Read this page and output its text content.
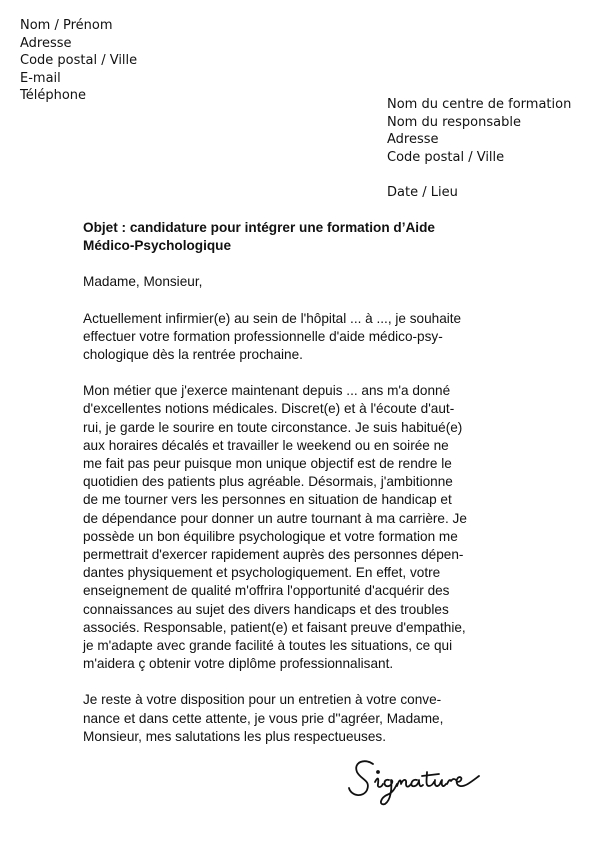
Nom / Prénom
Adresse
Code postal / Ville
E-mail
Téléphone
Nom du centre de formation
Nom du responsable
Adresse
Code postal / Ville
Date / Lieu
Objet : candidature pour intégrer une formation d’Aide
Médico-Psychologique
Madame, Monsieur,
Actuellement infirmier(e) au sein de l'hôpital ... à ..., je souhaite
effectuer votre formation professionnelle d'aide médico-psy-
chologique dès la rentrée prochaine.
Mon métier que j'exerce maintenant depuis ... ans m'a donné
d'excellentes notions médicales. Discret(e) et à l'écoute d'aut-
rui, je garde le sourire en toute circonstance. Je suis habitué(e)
aux horaires décalés et travailler le weekend ou en soirée ne
me fait pas peur puisque mon unique objectif est de rendre le
quotidien des patients plus agréable. Désormais, j'ambitionne
de me tourner vers les personnes en situation de handicap et
de dépendance pour donner un autre tournant à ma carrière. Je
possède un bon équilibre psychologique et votre formation me
permettrait d'exercer rapidement auprès des personnes dépen-
dantes physiquement et psychologiquement. En effet, votre
enseignement de qualité m'offrira l'opportunité d'acquérir des
connaissances au sujet des divers handicaps et des troubles
associés. Responsable, patient(e) et faisant preuve d'empathie,
je m'adapte avec grande facilité à toutes les situations, ce qui
m'aidera ç obtenir votre diplôme professionnalisant.
Je reste à votre disposition pour un entretien à votre conve-
nance et dans cette attente, je vous prie d''agréer, Madame,
Monsieur, mes salutations les plus respectueuses.
